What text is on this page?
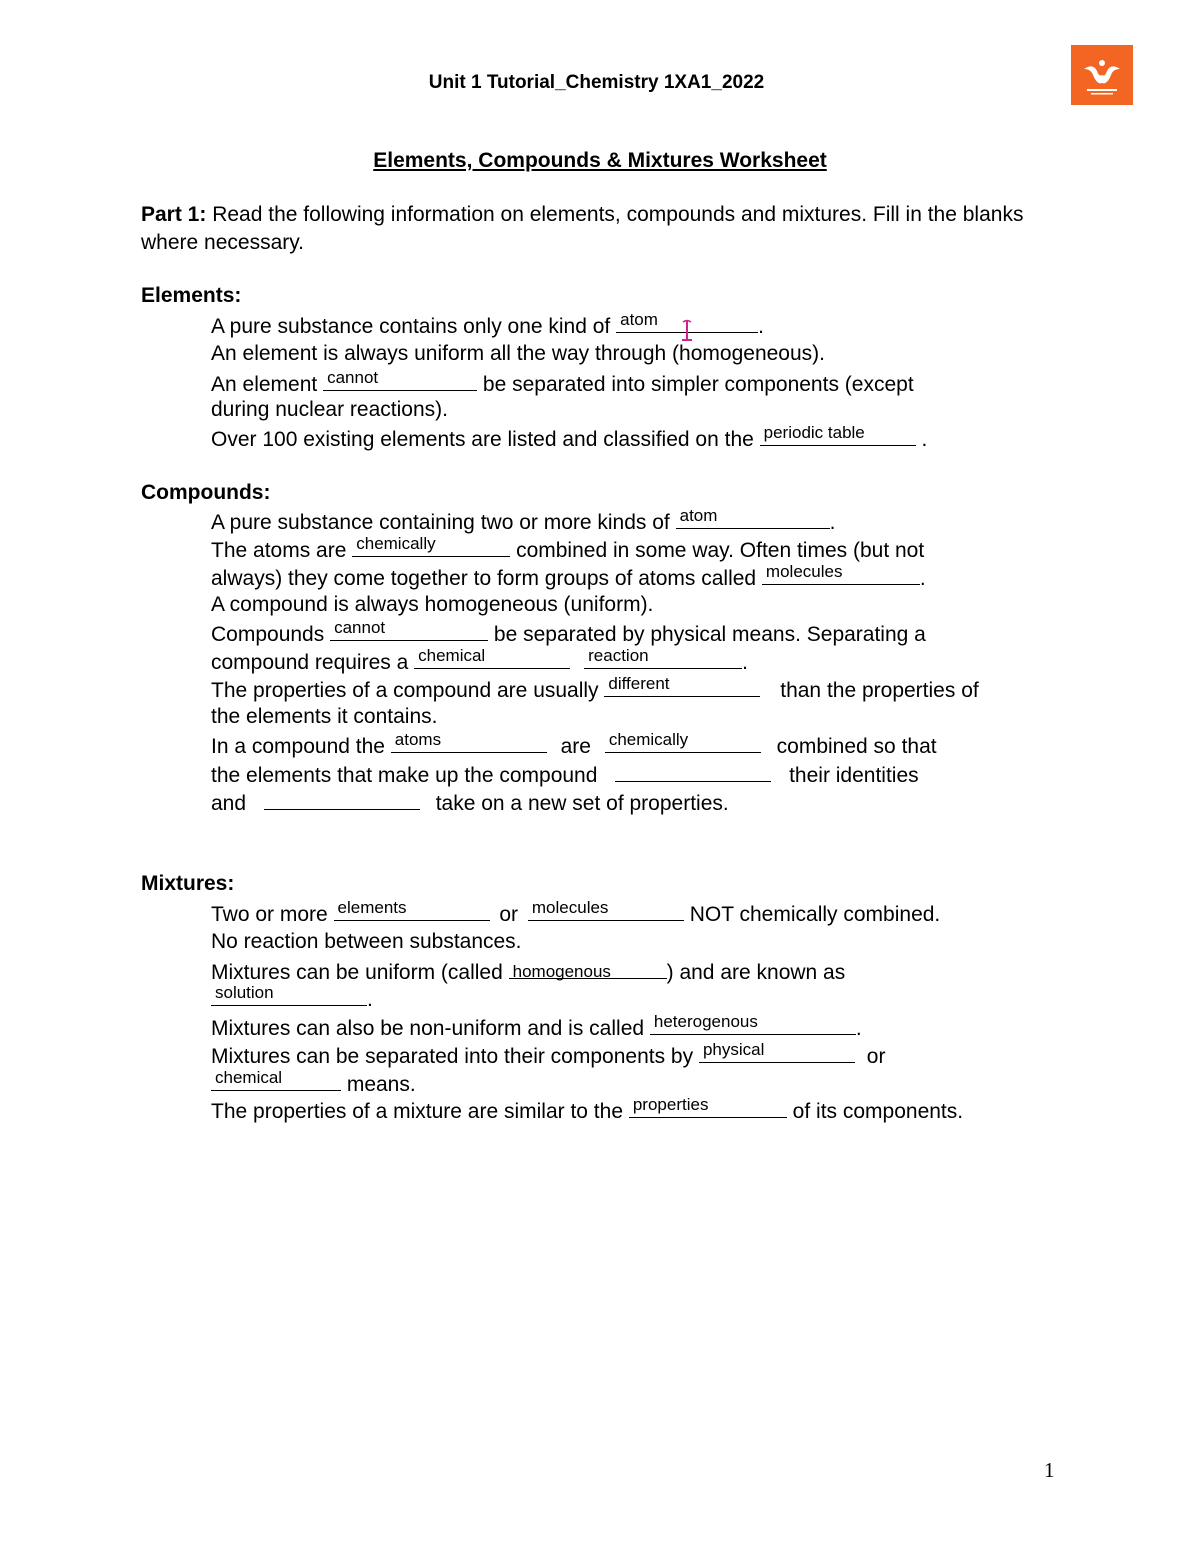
Unit 1 Tutorial_Chemistry 1XA1_2022
Elements, Compounds & Mixtures Worksheet
Part 1: Read the following information on elements, compounds and mixtures. Fill in the blanks where necessary.
Elements:
A pure substance contains only one kind of atom	.
An element is always uniform all the way through (homogeneous).
An element cannot	be separated into simpler components (except
during nuclear reactions).
Over 100 existing elements are listed and classified on the periodic table .
Compounds:
A pure substance containing two or more kinds of atom	.
The atoms are chemically	combined in some way. Often times (but not
always) they come together to form groups of atoms called molecules	.
A compound is always homogeneous (uniform).
Compounds cannot	be separated by physical means. Separating a
compound requires a chemical	reaction	.
The properties of a compound are usually different	than the properties of
the elements it contains.
In a compound the atoms	are chemically	combined so that
the elements that make up the compound	their identities
and	take on a new set of properties.
Mixtures:
Two or more elements	or molecules	NOT chemically combined.
No reaction between substances.
Mixtures can be uniform (called homogenous	) and are known as
solution	.
Mixtures can also be non-uniform and is called heterogenous	.
Mixtures can be separated into their components by physical	or
chemical	means.
The properties of a mixture are similar to the properties	of its components.
1
